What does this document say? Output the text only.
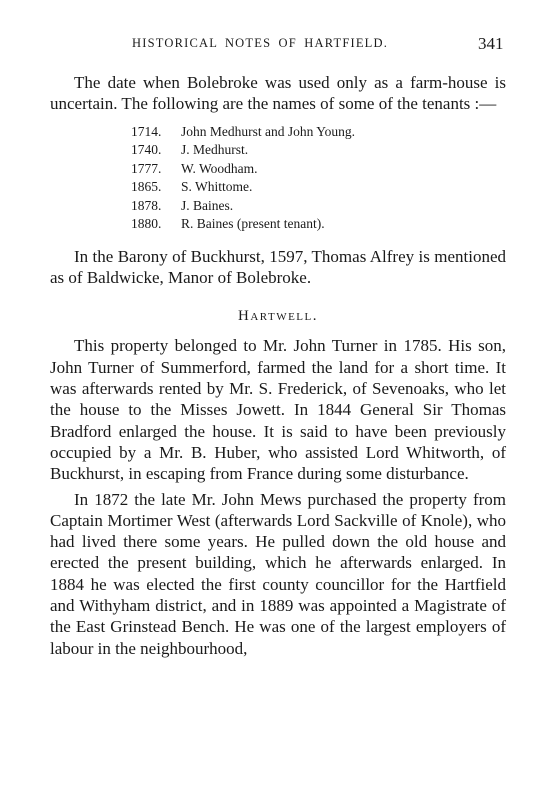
HISTORICAL NOTES OF HARTFIELD.	341

The date when Bolebroke was used only as a farm-house is uncertain. The following are the names of some of the tenants :—

1714.	John Medhurst and John Young.
1740.	J. Medhurst.
1777.	W. Woodham.
1865.	S. Whittome.
1878.	J. Baines.
1880.	R. Baines (present tenant).

In the Barony of Buckhurst, 1597, Thomas Alfrey is mentioned as of Baldwicke, Manor of Bolebroke.

Hartwell.

This property belonged to Mr. John Turner in 1785. His son, John Turner of Summerford, farmed the land for a short time. It was afterwards rented by Mr. S. Frederick, of Sevenoaks, who let the house to the Misses Jowett. In 1844 General Sir Thomas Bradford enlarged the house. It is said to have been previously occupied by a Mr. B. Huber, who assisted Lord Whitworth, of Buckhurst, in escaping from France during some disturbance.

In 1872 the late Mr. John Mews purchased the property from Captain Mortimer West (afterwards Lord Sackville of Knole), who had lived there some years. He pulled down the old house and erected the present building, which he afterwards enlarged. In 1884 he was elected the first county councillor for the Hartfield and Withyham district, and in 1889 was appointed a Magistrate of the East Grinstead Bench. He was one of the largest employers of labour in the neighbourhood,
